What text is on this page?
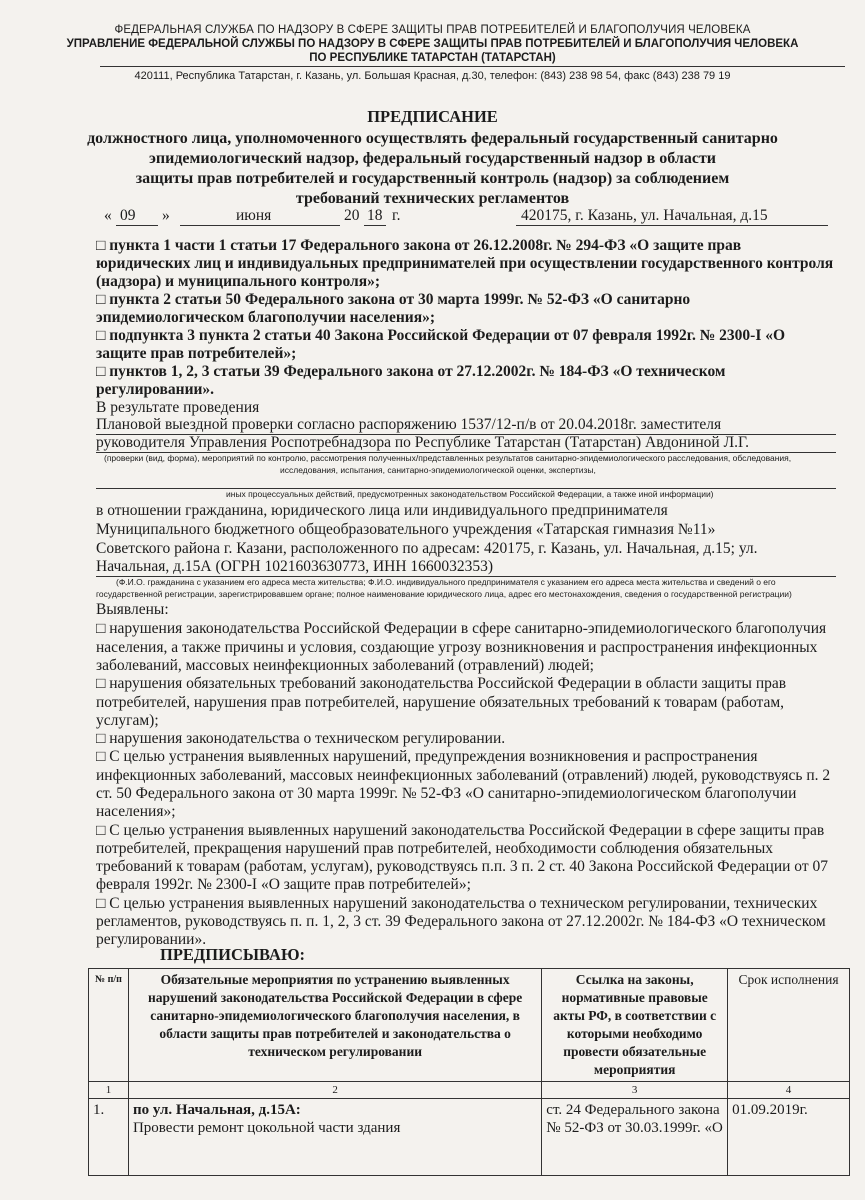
ФЕДЕРАЛЬНАЯ СЛУЖБА ПО НАДЗОРУ В СФЕРЕ ЗАЩИТЫ ПРАВ ПОТРЕБИТЕЛЕЙ И БЛАГОПОЛУЧИЯ ЧЕЛОВЕКА
УПРАВЛЕНИЕ ФЕДЕРАЛЬНОЙ СЛУЖБЫ ПО НАДЗОРУ В СФЕРЕ ЗАЩИТЫ ПРАВ ПОТРЕБИТЕЛЕЙ И БЛАГОПОЛУЧИЯ ЧЕЛОВЕКА
ПО РЕСПУБЛИКЕ ТАТАРСТАН (ТАТАРСТАН)
420111, Республика Татарстан, г. Казань, ул. Большая Красная, д.30, телефон: (843) 238 98 54, факс (843) 238 79 19
ПРЕДПИСАНИЕ
должностного лица, уполномоченного осуществлять федеральный государственный санитарно
эпидемиологический надзор, федеральный государственный надзор в области
защиты прав потребителей и государственный контроль (надзор) за соблюдением
требований технических регламентов
« 09 »	июня	20 18 г.	420175, г. Казань, ул. Начальная, д.15
□ пункта 1 части 1 статьи 17 Федерального закона от 26.12.2008г. № 294-ФЗ «О защите прав
юридических лиц и индивидуальных предпринимателей при осуществлении государственного контроля
(надзора) и муниципального контроля»;
□ пункта 2 статьи 50 Федерального закона от 30 марта 1999г. № 52-ФЗ «О санитарно
эпидемиологическом благополучии населения»;
□ подпункта 3 пункта 2 статьи 40 Закона Российской Федерации от 07 февраля 1992г. № 2300-I «О
защите прав потребителей»;
□ пунктов 1, 2, 3 статьи 39 Федерального закона от 27.12.2002г. № 184-ФЗ «О техническом
регулировании».
В результате проведения
Плановой выездной проверки согласно распоряжению 1537/12-п/в от 20.04.2018г. заместителя
руководителя Управления Роспотребнадзора по Республике Татарстан (Татарстан) Авдониной Л.Г.
(проверки (вид, форма), мероприятий по контролю, рассмотрения полученных/представленных результатов санитарно-эпидемиологического расследования, обследования,
исследования, испытания, санитарно-эпидемиологической оценки, экспертизы,
иных процессуальных действий, предусмотренных законодательством Российской Федерации, а также иной информации)
в отношении гражданина, юридического лица или индивидуального предпринимателя
Муниципального бюджетного общеобразовательного учреждения «Татарская гимназия №11»
Советского района г. Казани, расположенного по адресам: 420175, г. Казань, ул. Начальная, д.15; ул.
Начальная, д.15А (ОГРН 1021603630773, ИНН 1660032353)
(Ф.И.О. гражданина с указанием его адреса места жительства; Ф.И.О. индивидуального предпринимателя с указанием его адреса места жительства и сведений о его
государственной регистрации, зарегистрировавшем органе; полное наименование юридического лица, адрес его местонахождения, сведения о государственной регистрации)
Выявлены:
□ нарушения законодательства Российской Федерации в сфере санитарно-эпидемиологического благополучия
населения, а также причины и условия, создающие угрозу возникновения и распространения инфекционных
заболеваний, массовых неинфекционных заболеваний (отравлений) людей;
□ нарушения обязательных требований законодательства Российской Федерации в области защиты прав
потребителей, нарушения прав потребителей, нарушение обязательных требований к товарам (работам,
услугам);
□ нарушения законодательства о техническом регулировании.
□ С целью устранения выявленных нарушений, предупреждения возникновения и распространения
инфекционных заболеваний, массовых неинфекционных заболеваний (отравлений) людей, руководствуясь п. 2
ст. 50 Федерального закона от 30 марта 1999г. № 52-ФЗ «О санитарно-эпидемиологическом благополучии
населения»;
□ С целью устранения выявленных нарушений законодательства Российской Федерации в сфере защиты прав
потребителей, прекращения нарушений прав потребителей, необходимости соблюдения обязательных
требований к товарам (работам, услугам), руководствуясь п.п. 3 п. 2 ст. 40 Закона Российской Федерации от 07
февраля 1992г. № 2300-I «О защите прав потребителей»;
□ С целью устранения выявленных нарушений законодательства о техническом регулировании, технических
регламентов, руководствуясь п. п. 1, 2, 3 ст. 39 Федерального закона от 27.12.2002г. № 184-ФЗ «О техническом
регулировании».
ПРЕДПИСЫВАЮ:
№ п/п	Обязательные мероприятия по устранению выявленных нарушений законодательства Российской Федерации в сфере санитарно-эпидемиологического благополучия населения, в области защиты прав потребителей и законодательства о техническом регулировании	Ссылка на законы, нормативные правовые акты РФ, в соответствии с которыми необходимо провести обязательные мероприятия	Срок исполнения
1	2	3	4
1.	по ул. Начальная, д.15А:
Провести ремонт цокольной части здания	ст. 24 Федерального закона № 52-ФЗ от 30.03.1999г. «О	01.09.2019г.
